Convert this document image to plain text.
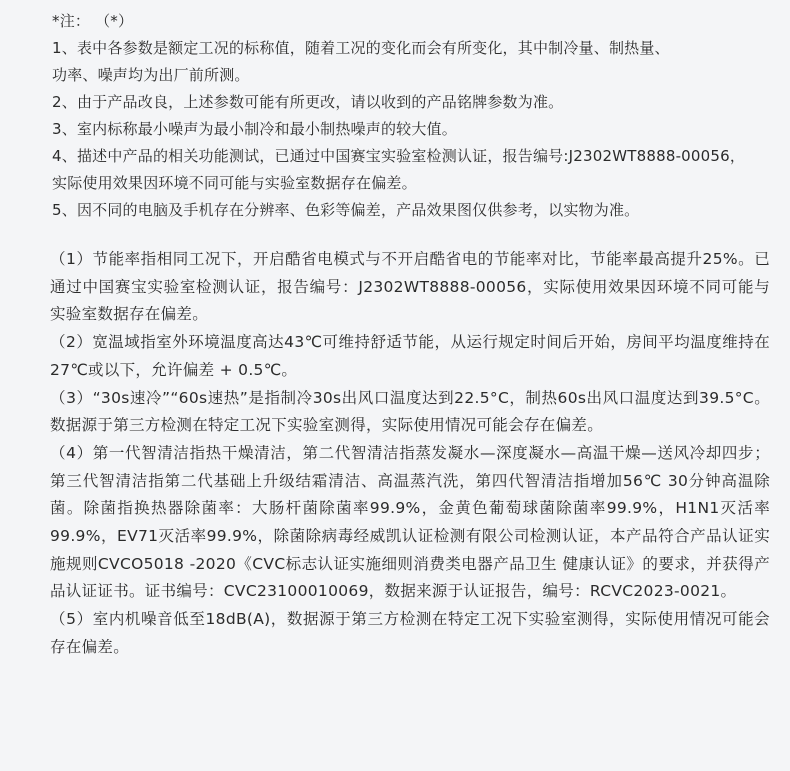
*注： （*）
1、表中各参数是额定工况的标称值，随着工况的变化而会有所变化，其中制冷量、制热量、
功率、噪声均为出厂前所测。
2、由于产品改良，上述参数可能有所更改，请以收到的产品铭牌参数为准。
3、室内标称最小噪声为最小制冷和最小制热噪声的较大值。
4、描述中产品的相关功能测试，已通过中国赛宝实验室检测认证，报告编号:J2302WT8888-00056，
实际使用效果因环境不同可能与实验室数据存在偏差。
5、因不同的电脑及手机存在分辨率、色彩等偏差，产品效果图仅供参考，以实物为准。

（1）节能率指相同工况下，开启酷省电模式与不开启酷省电的节能率对比，节能率最高提升25%。已通过中国赛宝实验室检测认证，报告编号：J2302WT8888-00056，实际使用效果因环境不同可能与实验室数据存在偏差。

（2）宽温域指室外环境温度高达43℃可维持舒适节能，从运行规定时间后开始，房间平均温度维持在27℃或以下，允许偏差 + 0.5℃。

（3）“30s速冷”“60s速热”是指制冷30s出风口温度达到22.5°C，制热60s出风口温度达到39.5°C。数据源于第三方检测在特定工况下实验室测得，实际使用情况可能会存在偏差。

（4）第一代智清洁指热干燥清洁，第二代智清洁指蒸发凝水—深度凝水—高温干燥—送风冷却四步；第三代智清洁指第二代基础上升级结霜清洁、高温蒸汽洗，第四代智清洁指增加56℃ 30分钟高温除菌。除菌指换热器除菌率：大肠杆菌除菌率99.9%，金黄色葡萄球菌除菌率99.9%，H1N1灭活率99.9%，EV71灭活率99.9%，除菌除病毒经威凯认证检测有限公司检测认证，本产品符合产品认证实施规则CVCO5018 -2020《CVC标志认证实施细则消费类电器产品卫生 健康认证》的要求，并获得产品认证证书。证书编号：CVC23100010069，数据来源于认证报告，编号：RCVC2023-0021。

（5）室内机噪音低至18dB(A)，数据源于第三方检测在特定工况下实验室测得，实际使用情况可能会存在偏差。
